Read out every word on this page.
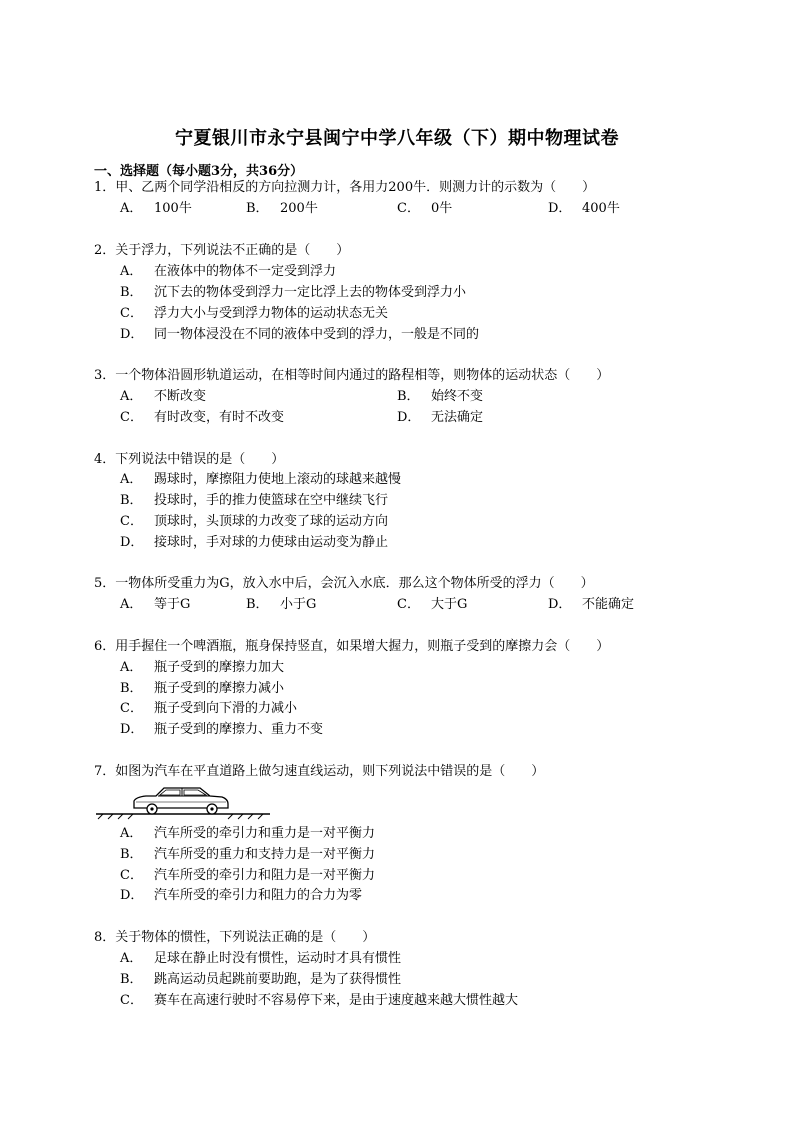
宁夏银川市永宁县闽宁中学八年级（下）期中物理试卷
一、选择题（每小题3分，共36分）
1．甲、乙两个同学沿相反的方向拉测力计，各用力200牛．则测力计的示数为（　　）
A． 100牛	B． 200牛	C． 0牛	D． 400牛
2．关于浮力，下列说法不正确的是（　　）
A． 在液体中的物体不一定受到浮力
B． 沉下去的物体受到浮力一定比浮上去的物体受到浮力小
C． 浮力大小与受到浮力物体的运动状态无关
D． 同一物体浸没在不同的液体中受到的浮力，一般是不同的
3．一个物体沿圆形轨道运动，在相等时间内通过的路程相等，则物体的运动状态（　　）
A． 不断改变	B． 始终不变
C． 有时改变，有时不改变	D． 无法确定
4．下列说法中错误的是（　　）
A． 踢球时，摩擦阻力使地上滚动的球越来越慢
B． 投球时，手的推力使篮球在空中继续飞行
C． 顶球时，头顶球的力改变了球的运动方向
D． 接球时，手对球的力使球由运动变为静止
5．一物体所受重力为G，放入水中后，会沉入水底．那么这个物体所受的浮力（　　）
A． 等于G	B． 小于G	C． 大于G	D． 不能确定
6．用手握住一个啤酒瓶，瓶身保持竖直，如果增大握力，则瓶子受到的摩擦力会（　　）
A． 瓶子受到的摩擦力加大
B． 瓶子受到的摩擦力减小
C． 瓶子受到向下滑的力减小
D． 瓶子受到的摩擦力、重力不变
7．如图为汽车在平直道路上做匀速直线运动，则下列说法中错误的是（　　）
A． 汽车所受的牵引力和重力是一对平衡力
B． 汽车所受的重力和支持力是一对平衡力
C． 汽车所受的牵引力和阻力是一对平衡力
D． 汽车所受的牵引力和阻力的合力为零
8．关于物体的惯性，下列说法正确的是（　　）
A． 足球在静止时没有惯性，运动时才具有惯性
B． 跳高运动员起跳前要助跑，是为了获得惯性
C． 赛车在高速行驶时不容易停下来，是由于速度越来越大惯性越大
